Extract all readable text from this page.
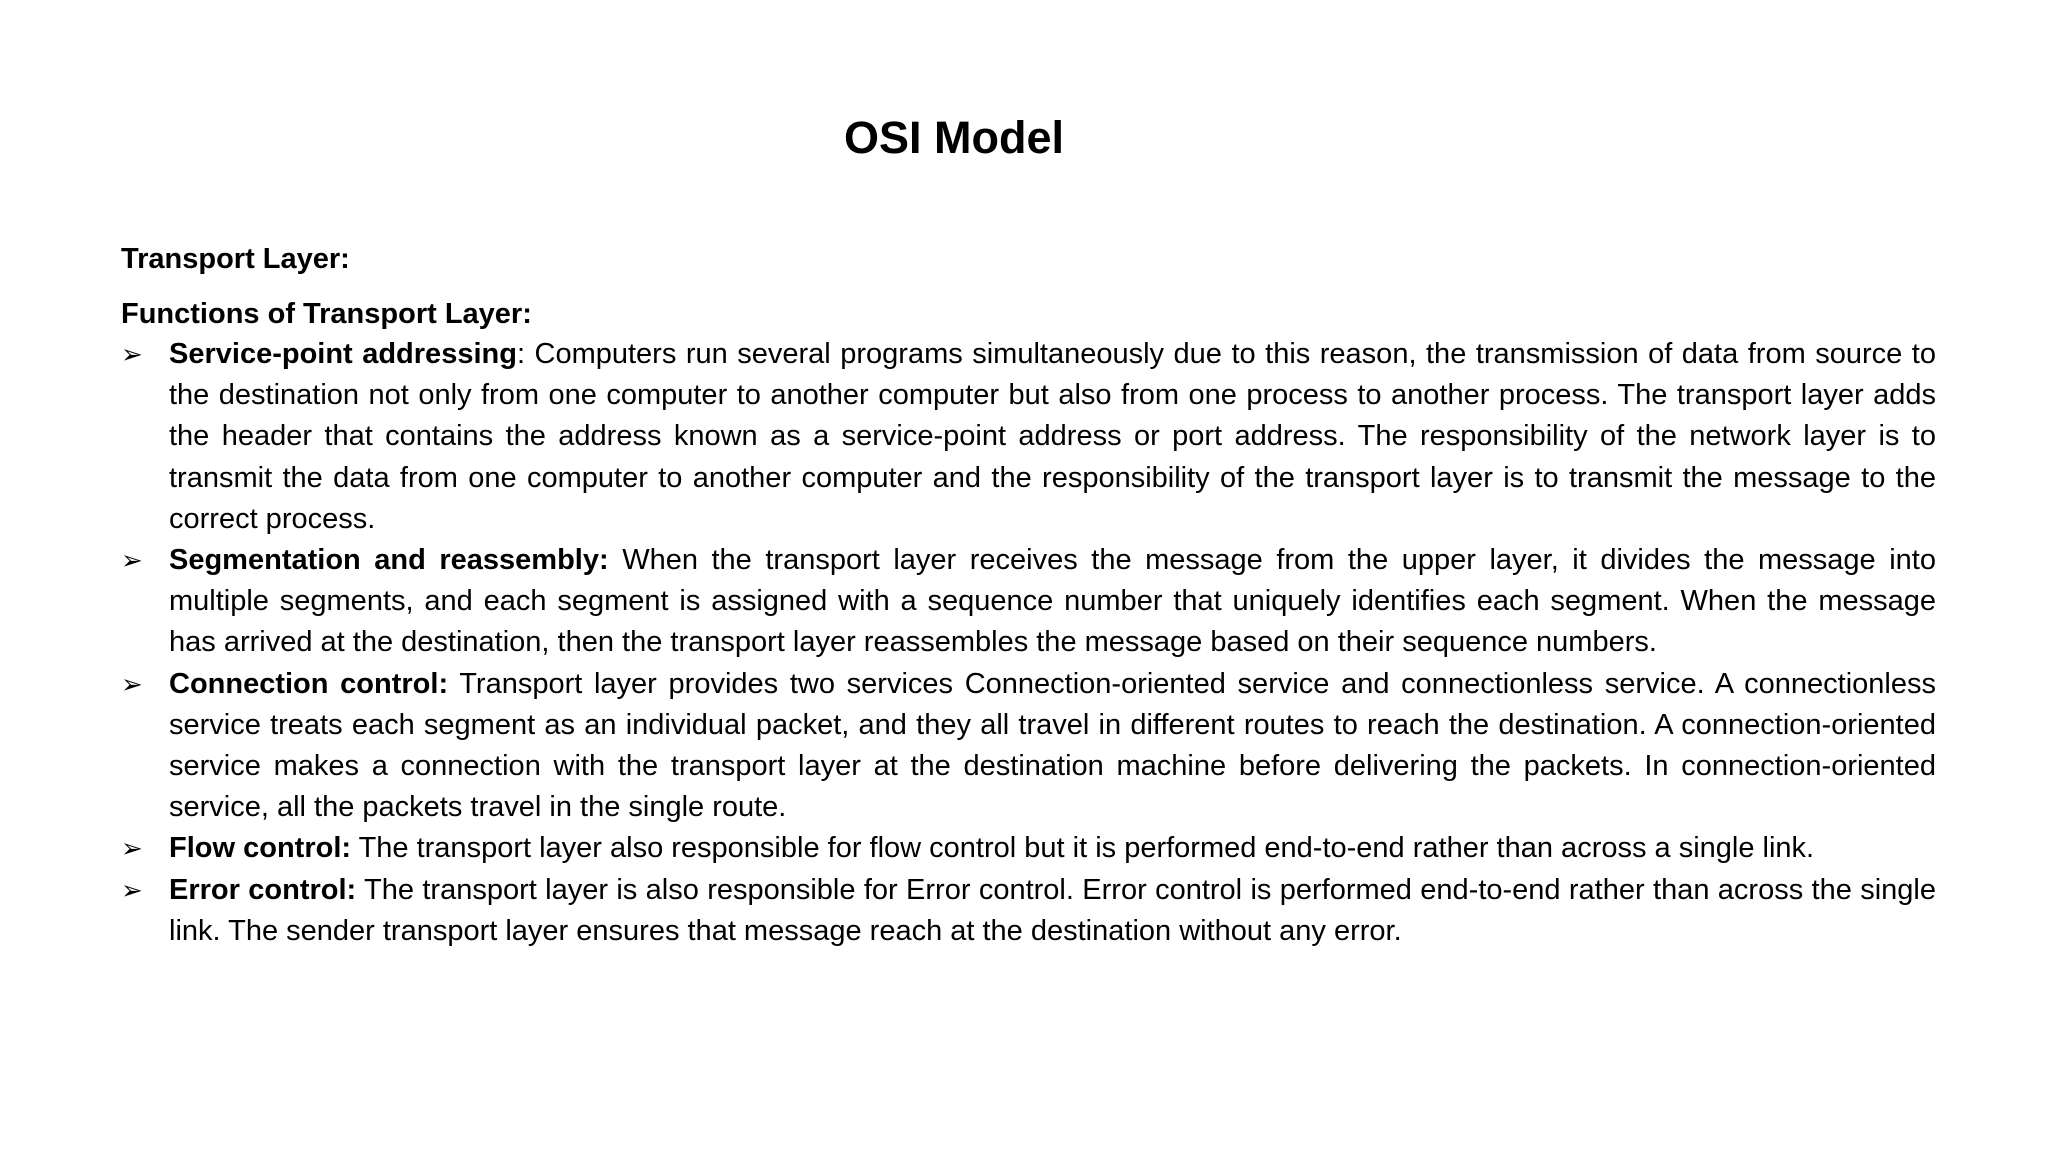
OSI Model
Transport Layer:
Functions of Transport Layer:
➢ Service-point addressing: Computers run several programs simultaneously due to this reason, the transmission of data from source to the destination not only from one computer to another computer but also from one process to another process. The transport layer adds the header that contains the address known as a service-point address or port address. The responsibility of the network layer is to transmit the data from one computer to another computer and the responsibility of the transport layer is to transmit the message to the correct process.
➢ Segmentation and reassembly: When the transport layer receives the message from the upper layer, it divides the message into multiple segments, and each segment is assigned with a sequence number that uniquely identifies each segment. When the message has arrived at the destination, then the transport layer reassembles the message based on their sequence numbers.
➢ Connection control: Transport layer provides two services Connection-oriented service and connectionless service. A connectionless service treats each segment as an individual packet, and they all travel in different routes to reach the destination. A connection-oriented service makes a connection with the transport layer at the destination machine before delivering the packets. In connection-oriented service, all the packets travel in the single route.
➢ Flow control: The transport layer also responsible for flow control but it is performed end-to-end rather than across a single link.
➢ Error control: The transport layer is also responsible for Error control. Error control is performed end-to-end rather than across the single link. The sender transport layer ensures that message reach at the destination without any error.
